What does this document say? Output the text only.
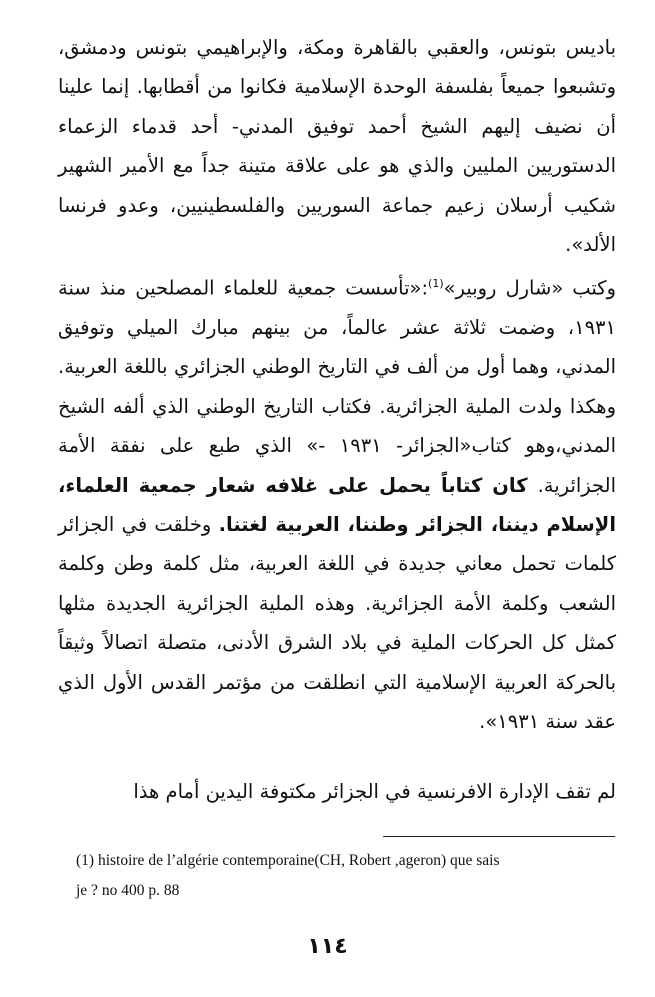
باديس بتونس، والعقبي بالقاهرة ومكة، والإبراهيمي بتونس ودمشق، وتشبعوا جميعاً بفلسفة الوحدة الإسلامية فكانوا من أقطابها. إنما علينا أن نضيف إليهم الشيخ أحمد توفيق المدني- أحد قدماء الزعماء الدستوريين المليين والذي هو على علاقة متينة جداً مع الأمير الشهير شكيب أرسلان زعيم جماعة السوريين والفلسطينيين، وعدو فرنسا الألد».

وكتب «شارل روبير»$^{(1)}$:«تأسست جمعية للعلماء المصلحين منذ سنة ١٩٣١، وضمت ثلاثة عشر عالماً، من بينهم مبارك الميلي وتوفيق المدني، وهما أول من ألف في التاريخ الوطني الجزائري باللغة العربية. وهكذا ولدت الملية الجزائرية. فكتاب التاريخ الوطني الذي ألفه الشيخ المدني،وهو كتاب«الجزائر- ١٩٣١ -» الذي طبع على نفقة الأمة الجزائرية. كان كتاباً يحمل على غلافه شعار جمعية العلماء، الإسلام ديننا، الجزائر وطننا، العربية لغتنا. وخلقت في الجزائر كلمات تحمل معاني جديدة في اللغة العربية، مثل كلمة وطن وكلمة الشعب وكلمة الأمة الجزائرية. وهذه الملية الجزائرية الجديدة مثلها كمثل كل الحركات الملية في بلاد الشرق الأدنى، متصلة اتصالاً وثيقاً بالحركة العربية الإسلامية التي انطلقت من مؤتمر القدس الأول الذي عقد سنة ١٩٣١».

لم تقف الإدارة الافرنسية في الجزائر مكتوفة اليدين أمام هذا

(1) histoire de l’algérie contemporaine(CH, Robert ,ageron) que sais
je ? no 400 p. 88

١١٤
